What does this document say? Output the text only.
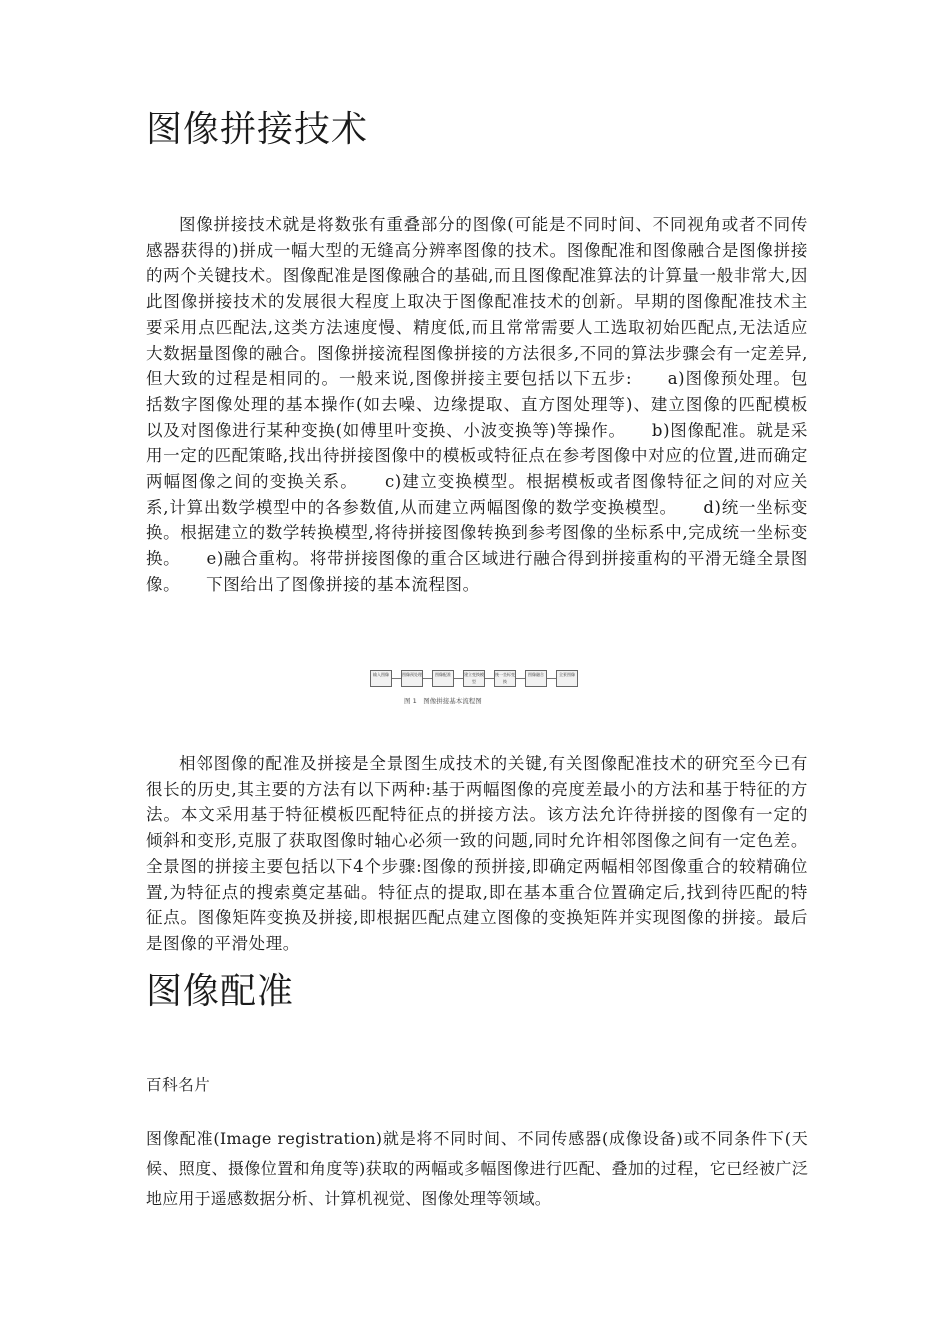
图像拼接技术

图像拼接技术就是将数张有重叠部分的图像(可能是不同时间、不同视角或者不同传感器获得的)拼成一幅大型的无缝高分辨率图像的技术。图像配准和图像融合是图像拼接的两个关键技术。图像配准是图像融合的基础,而且图像配准算法的计算量一般非常大,因此图像拼接技术的发展很大程度上取决于图像配准技术的创新。早期的图像配准技术主要采用点匹配法,这类方法速度慢、精度低,而且常常需要人工选取初始匹配点,无法适应大数据量图像的融合。图像拼接流程图像拼接的方法很多,不同的算法步骤会有一定差异,但大致的过程是相同的。一般来说,图像拼接主要包括以下五步:　　a)图像预处理。包括数字图像处理的基本操作(如去噪、边缘提取、直方图处理等)、建立图像的匹配模板以及对图像进行某种变换(如傅里叶变换、小波变换等)等操作。　　b)图像配准。就是采用一定的匹配策略,找出待拼接图像中的模板或特征点在参考图像中对应的位置,进而确定两幅图像之间的变换关系。　　c)建立变换模型。根据模板或者图像特征之间的对应关系,计算出数学模型中的各参数值,从而建立两幅图像的数学变换模型。　　d)统一坐标变换。根据建立的数学转换模型,将待拼接图像转换到参考图像的坐标系中,完成统一坐标变换。　　e)融合重构。将带拼接图像的重合区域进行融合得到拼接重构的平滑无缝全景图像。　　下图给出了图像拼接的基本流程图。

输入图像	图像预处理	图像配准	建立变换模型
统一坐标变换
图像融合	全景图像
图 1　图像拼接基本流程图

相邻图像的配准及拼接是全景图生成技术的关键,有关图像配准技术的研究至今已有很长的历史,其主要的方法有以下两种:基于两幅图像的亮度差最小的方法和基于特征的方法。本文采用基于特征模板匹配特征点的拼接方法。该方法允许待拼接的图像有一定的倾斜和变形,克服了获取图像时轴心必须一致的问题,同时允许相邻图像之间有一定色差。全景图的拼接主要包括以下4个步骤:图像的预拼接,即确定两幅相邻图像重合的较精确位置,为特征点的搜索奠定基础。特征点的提取,即在基本重合位置确定后,找到待匹配的特征点。图像矩阵变换及拼接,即根据匹配点建立图像的变换矩阵并实现图像的拼接。最后是图像的平滑处理。

图像配准

百科名片

图像配准(Image registration)就是将不同时间、不同传感器(成像设备)或不同条件下(天候、照度、摄像位置和角度等)获取的两幅或多幅图像进行匹配、叠加的过程，它已经被广泛地应用于遥感数据分析、计算机视觉、图像处理等领域。
